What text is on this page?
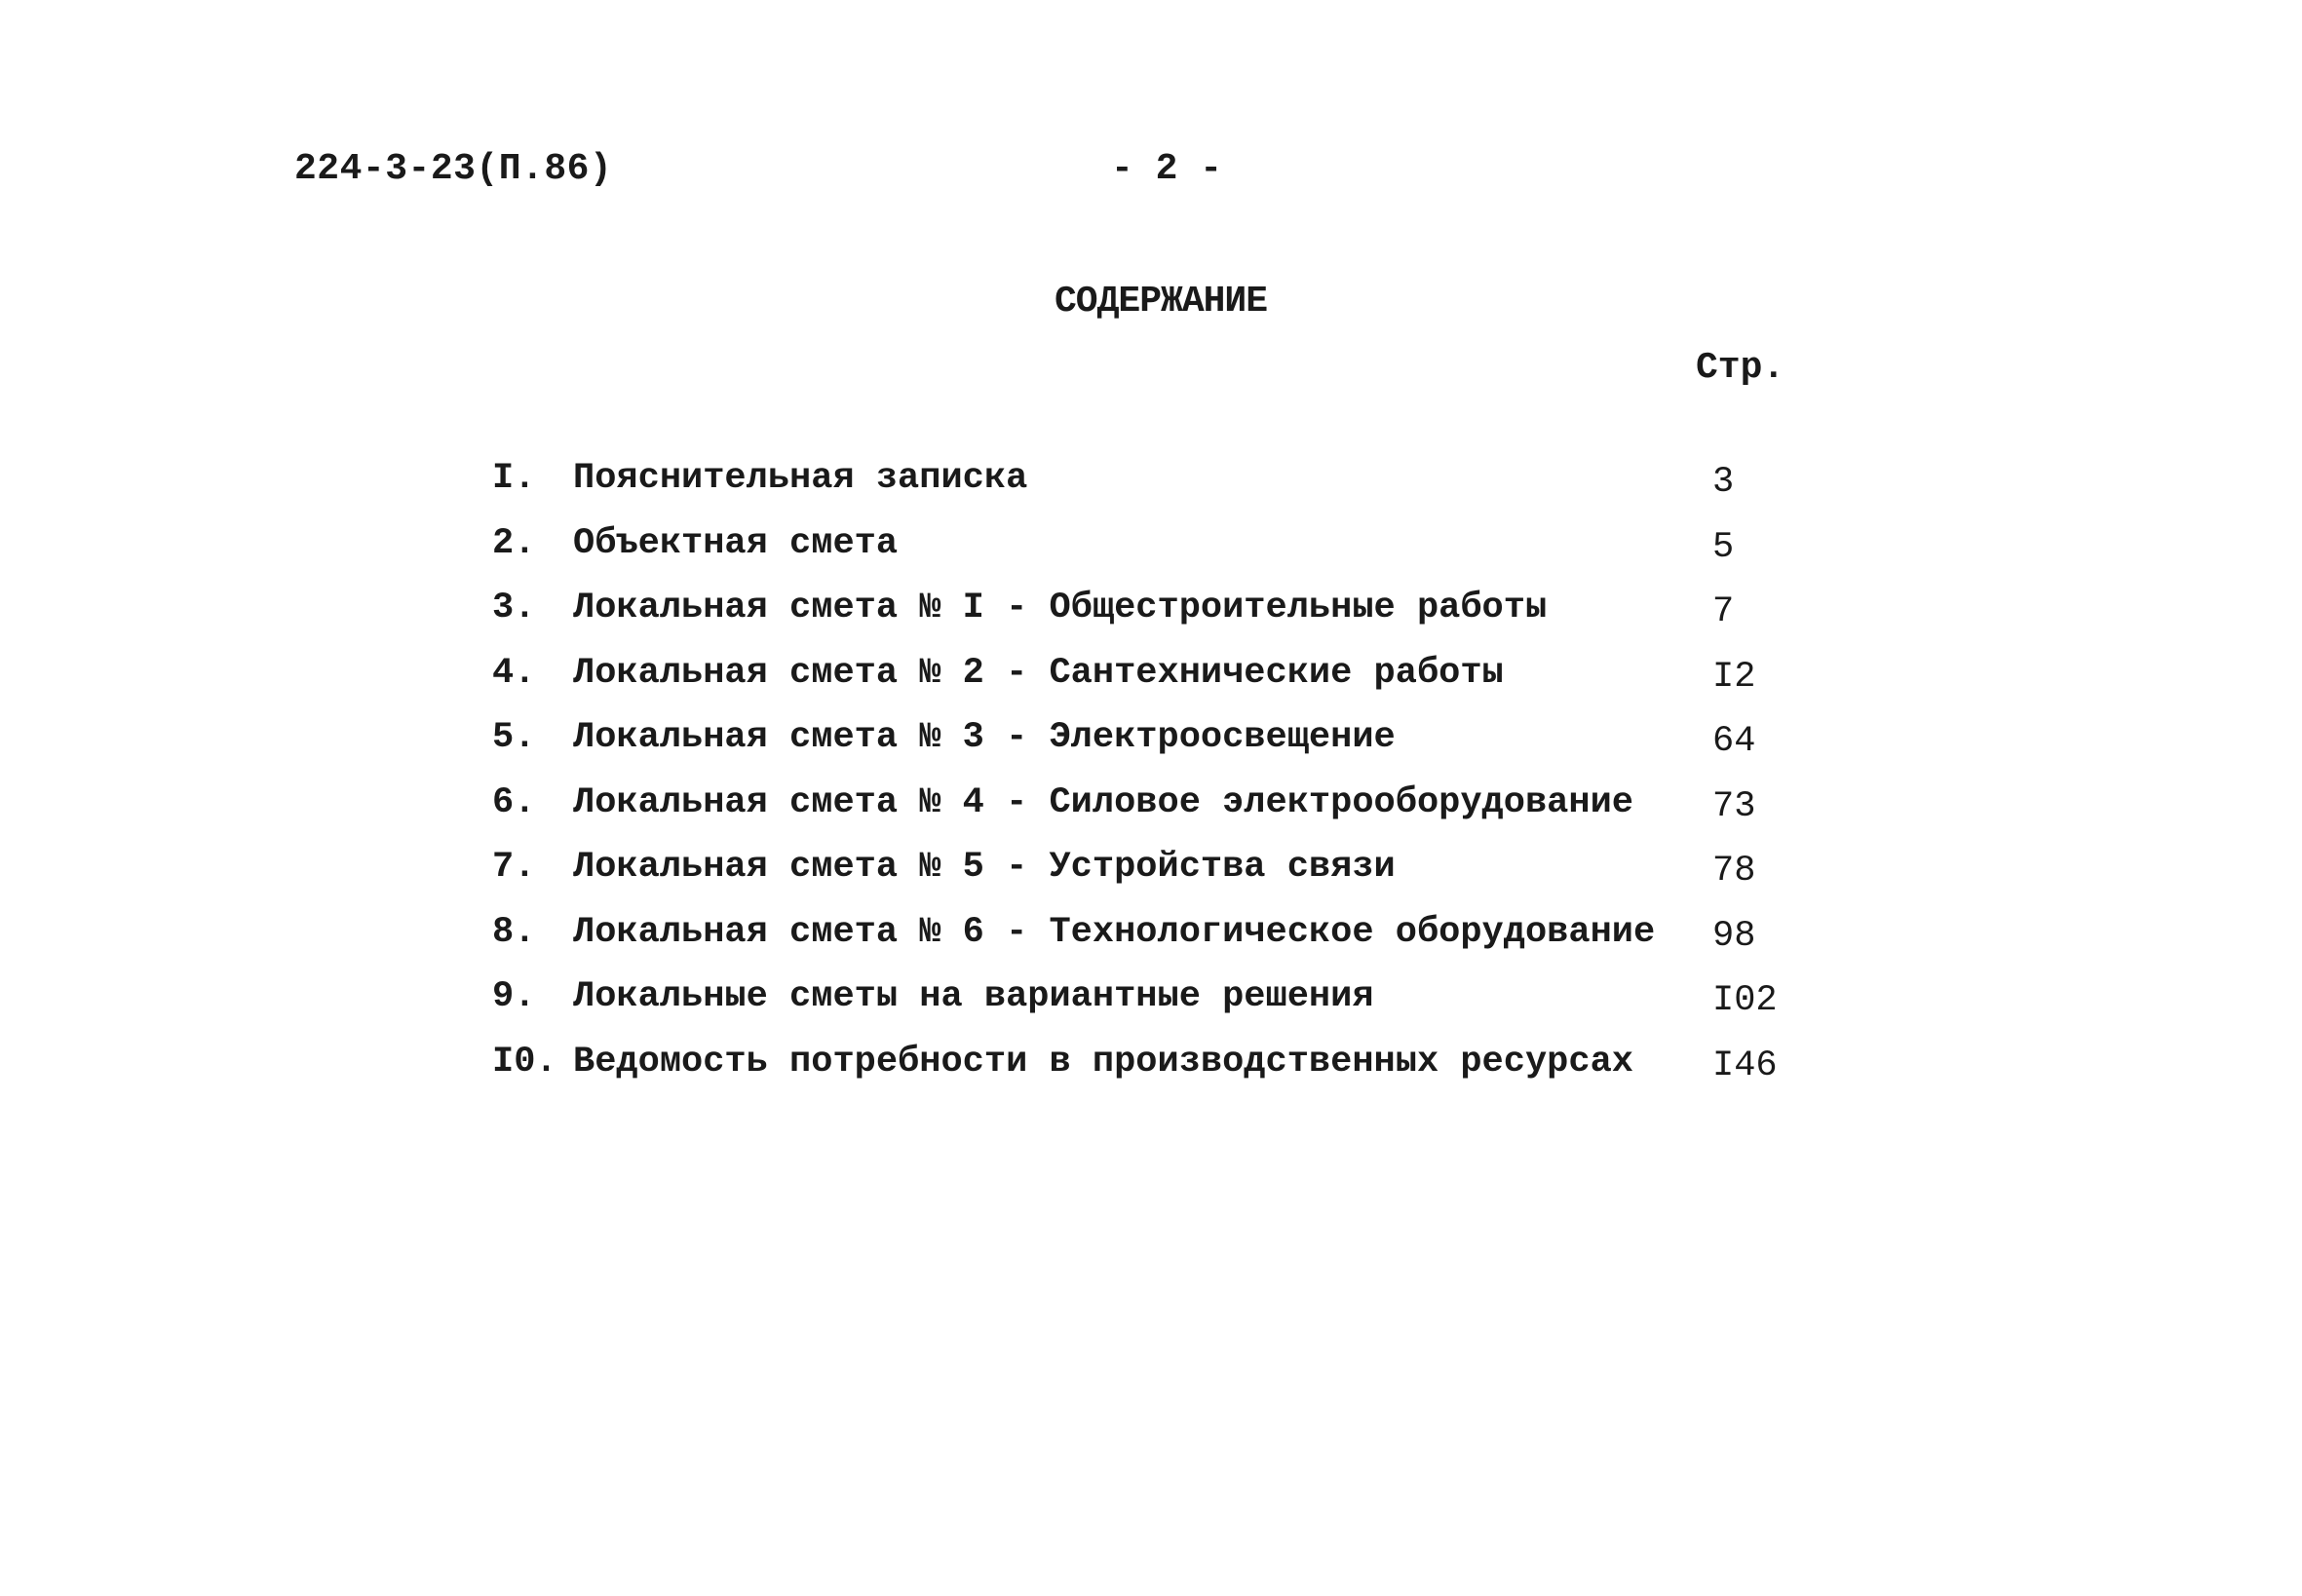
224-3-23(П.86)	- 2 -
СОДЕРЖАНИЕ
Стр.
I. Пояснительная записка	3
2. Объектная смета	5
3. Локальная смета № I - Общестроительные работы	7
4. Локальная смета № 2 - Сантехнические работы	I2
5. Локальная смета № 3 - Электроосвещение	64
6. Локальная смета № 4 - Силовое электрооборудование 73
7. Локальная смета № 5 - Устройства связи	78
8. Локальная смета № 6 - Технологическое оборудование 98
9. Локальные сметы на вариантные решения	I02
I0. Ведомость потребности в производственных ресурсах I46
